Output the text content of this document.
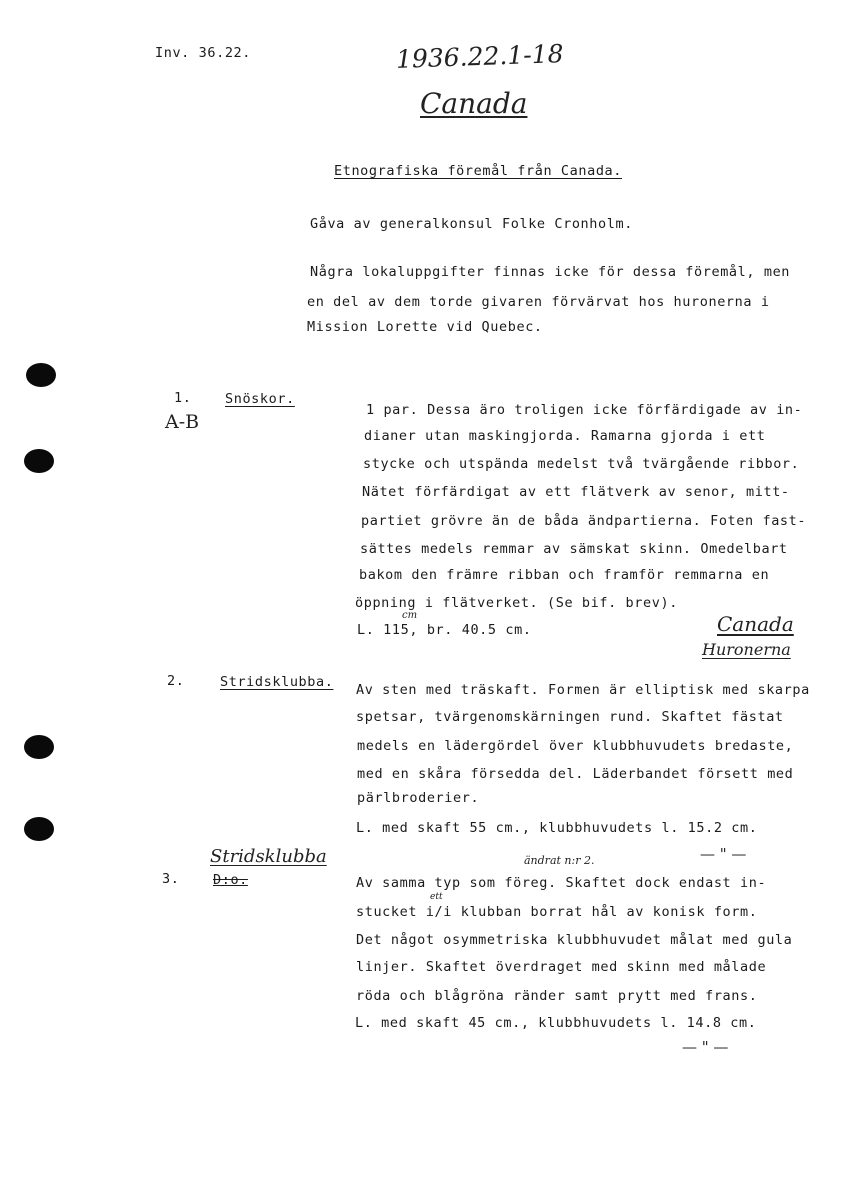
Inv. 36.22.	1936.22.1-18
Canada
Etnografiska föremål från Canada.
Gåva av generalkonsul Folke Cronholm.
Några lokaluppgifter finnas icke för dessa föremål, men
en del av dem torde givaren förvärvat hos huronerna i
Mission Lorette vid Quebec.
1.
A-B
Snöskor.
1 par. Dessa äro troligen icke förfärdigade av in-
dianer utan maskingjorda. Ramarna gjorda i ett
stycke och utspända medelst två tvärgående ribbor.
Nätet förfärdigat av ett flätverk av senor, mitt-
partiet grövre än de båda ändpartierna. Foten fast-
sättes medels remmar av sämskat skinn. Omedelbart
bakom den främre ribban och framför remmarna en
öppning i flätverket. (Se bif. brev).
L. 115, br. 40.5 cm.
cm	Canada
Huronerna
2.	Stridsklubba. Av sten med träskaft. Formen är elliptisk med skarpa
spetsar, tvärgenomskärningen rund. Skaftet fästat
medels en lädergördel över klubbhuvudets bredaste,
med en skåra försedda del. Läderbandet försett med
pärlbroderier.
L. med skaft 55 cm., klubbhuvudets l. 15.2 cm.
— " —
Stridsklubba
3. D:o.
ändrat n:r 2.
ett
Av samma typ som föreg. Skaftet dock endast in-
stucket i/i klubban borrat hål av konisk form.
Det något osymmetriska klubbhuvudet målat med gula
linjer. Skaftet överdraget med skinn med målade
röda och blågröna ränder samt prytt med frans.
L. med skaft 45 cm., klubbhuvudets l. 14.8 cm.
— " —
